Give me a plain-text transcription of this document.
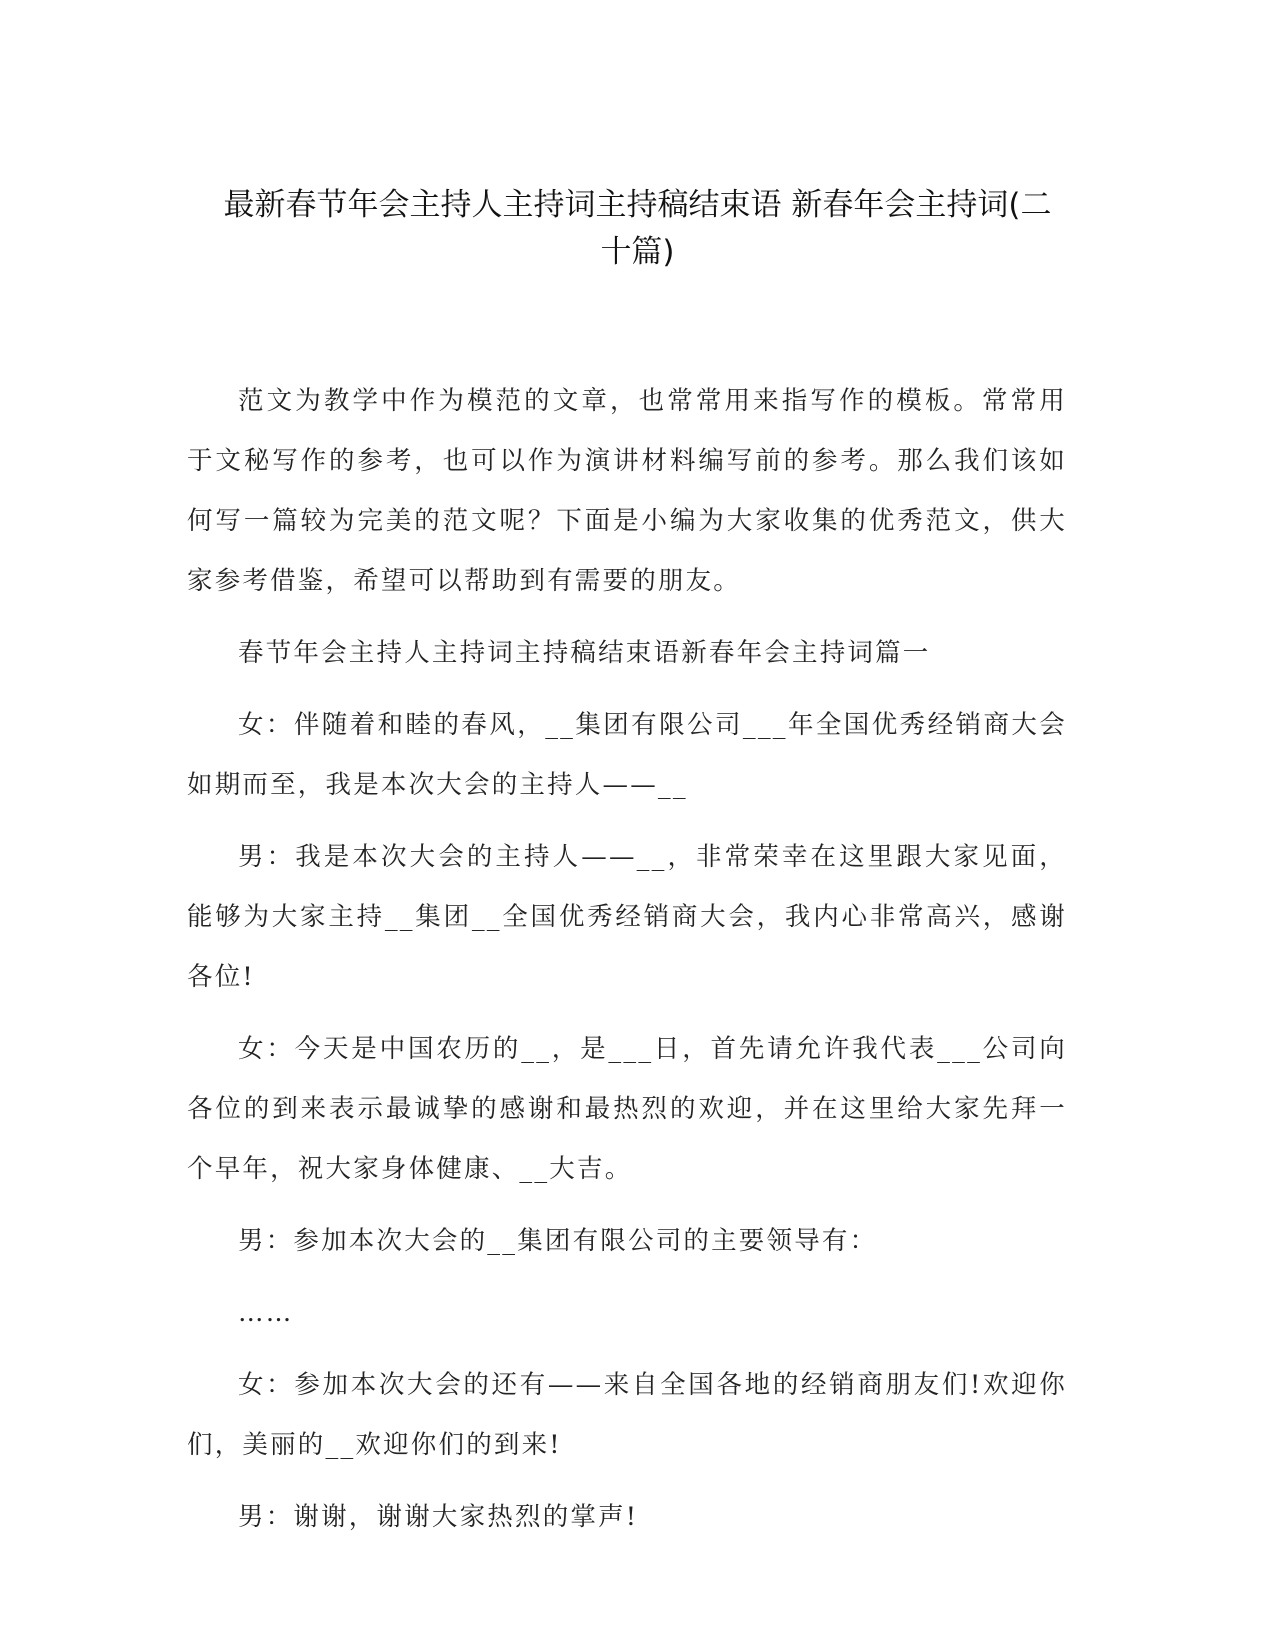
最新春节年会主持人主持词主持稿结束语 新春年会主持词(二
十篇)

范文为教学中作为模范的文章，也常常用来指写作的模板。常常用于文秘写作的参考，也可以作为演讲材料编写前的参考。那么我们该如何写一篇较为完美的范文呢？下面是小编为大家收集的优秀范文，供大家参考借鉴，希望可以帮助到有需要的朋友。

春节年会主持人主持词主持稿结束语新春年会主持词篇一

女：伴随着和睦的春风，__集团有限公司___年全国优秀经销商大会如期而至，我是本次大会的主持人——__

男：我是本次大会的主持人——__，非常荣幸在这里跟大家见面，能够为大家主持__集团__全国优秀经销商大会，我内心非常高兴，感谢各位!

女：今天是中国农历的__，是___日，首先请允许我代表___公司向各位的到来表示最诚挚的感谢和最热烈的欢迎，并在这里给大家先拜一个早年，祝大家身体健康、__大吉。

男：参加本次大会的__集团有限公司的主要领导有：

……

女：参加本次大会的还有——来自全国各地的经销商朋友们!欢迎你们，美丽的__欢迎你们的到来!

男：谢谢，谢谢大家热烈的掌声!
